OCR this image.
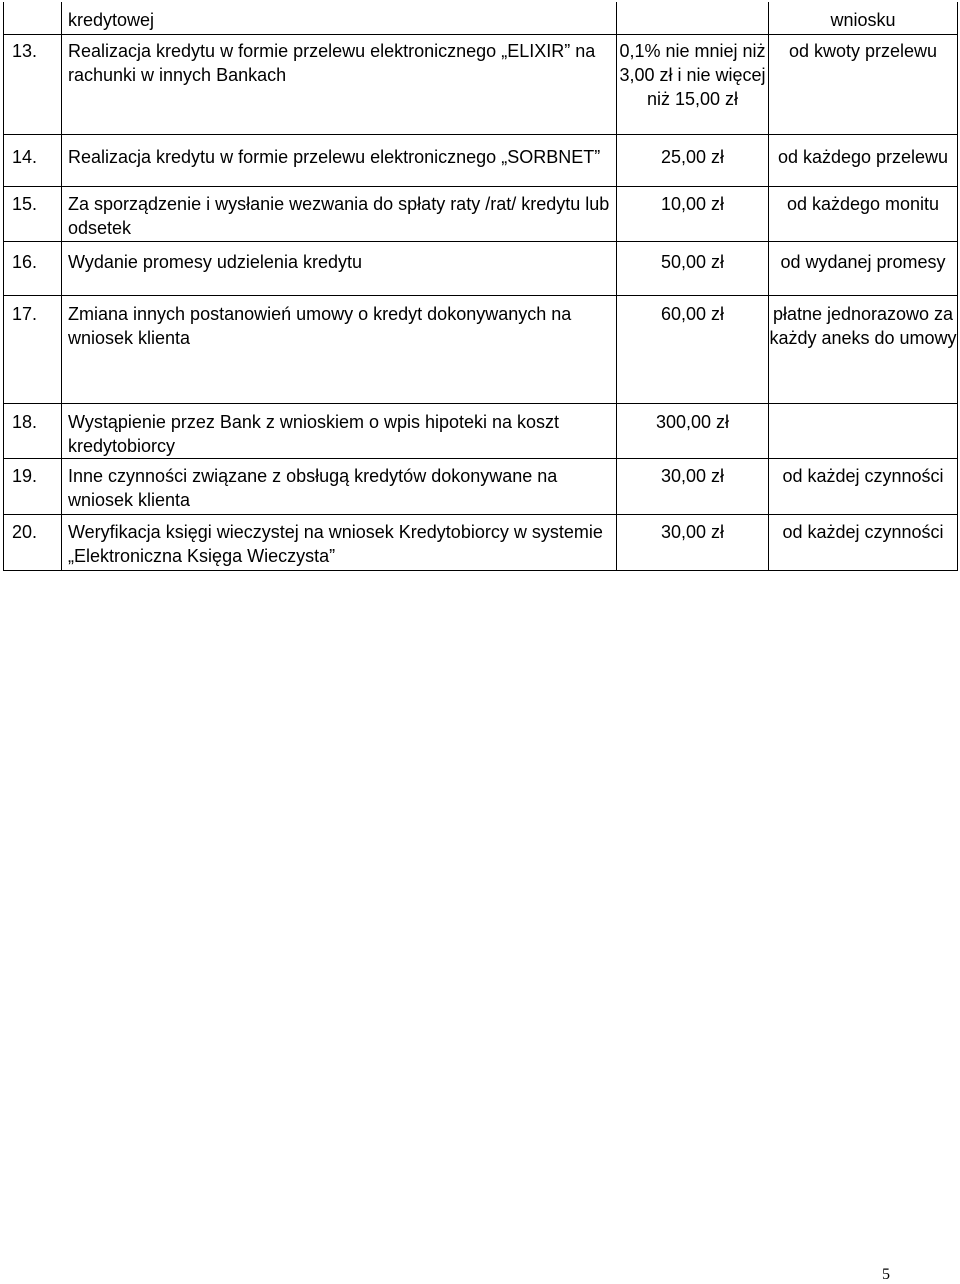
	kredytowej		wniosku

13.	Realizacja kredytu w formie przelewu elektronicznego „ELIXIR” na rachunki w innych Bankach	0,1% nie mniej niż 3,00 zł i nie więcej niż 15,00 zł	od kwoty przelewu

14.	Realizacja kredytu w formie przelewu elektronicznego „SORBNET”	25,00 zł	od każdego przelewu

15.	Za sporządzenie i wysłanie wezwania do spłaty raty /rat/ kredytu lub odsetek	10,00 zł	od każdego monitu

16.	Wydanie promesy udzielenia kredytu	50,00 zł	od wydanej promesy

17.	Zmiana innych postanowień umowy o kredyt dokonywanych na wniosek klienta	60,00 zł	płatne jednorazowo za każdy aneks do umowy

18.	Wystąpienie przez Bank z wnioskiem o wpis hipoteki na koszt kredytobiorcy	300,00 zł	

19.	Inne czynności związane z obsługą kredytów dokonywane na wniosek klienta	30,00 zł	od każdej czynności

20.	Weryfikacja księgi wieczystej na wniosek Kredytobiorcy w systemie „Elektroniczna Księga Wieczysta”	30,00 zł	od każdej czynności
5
